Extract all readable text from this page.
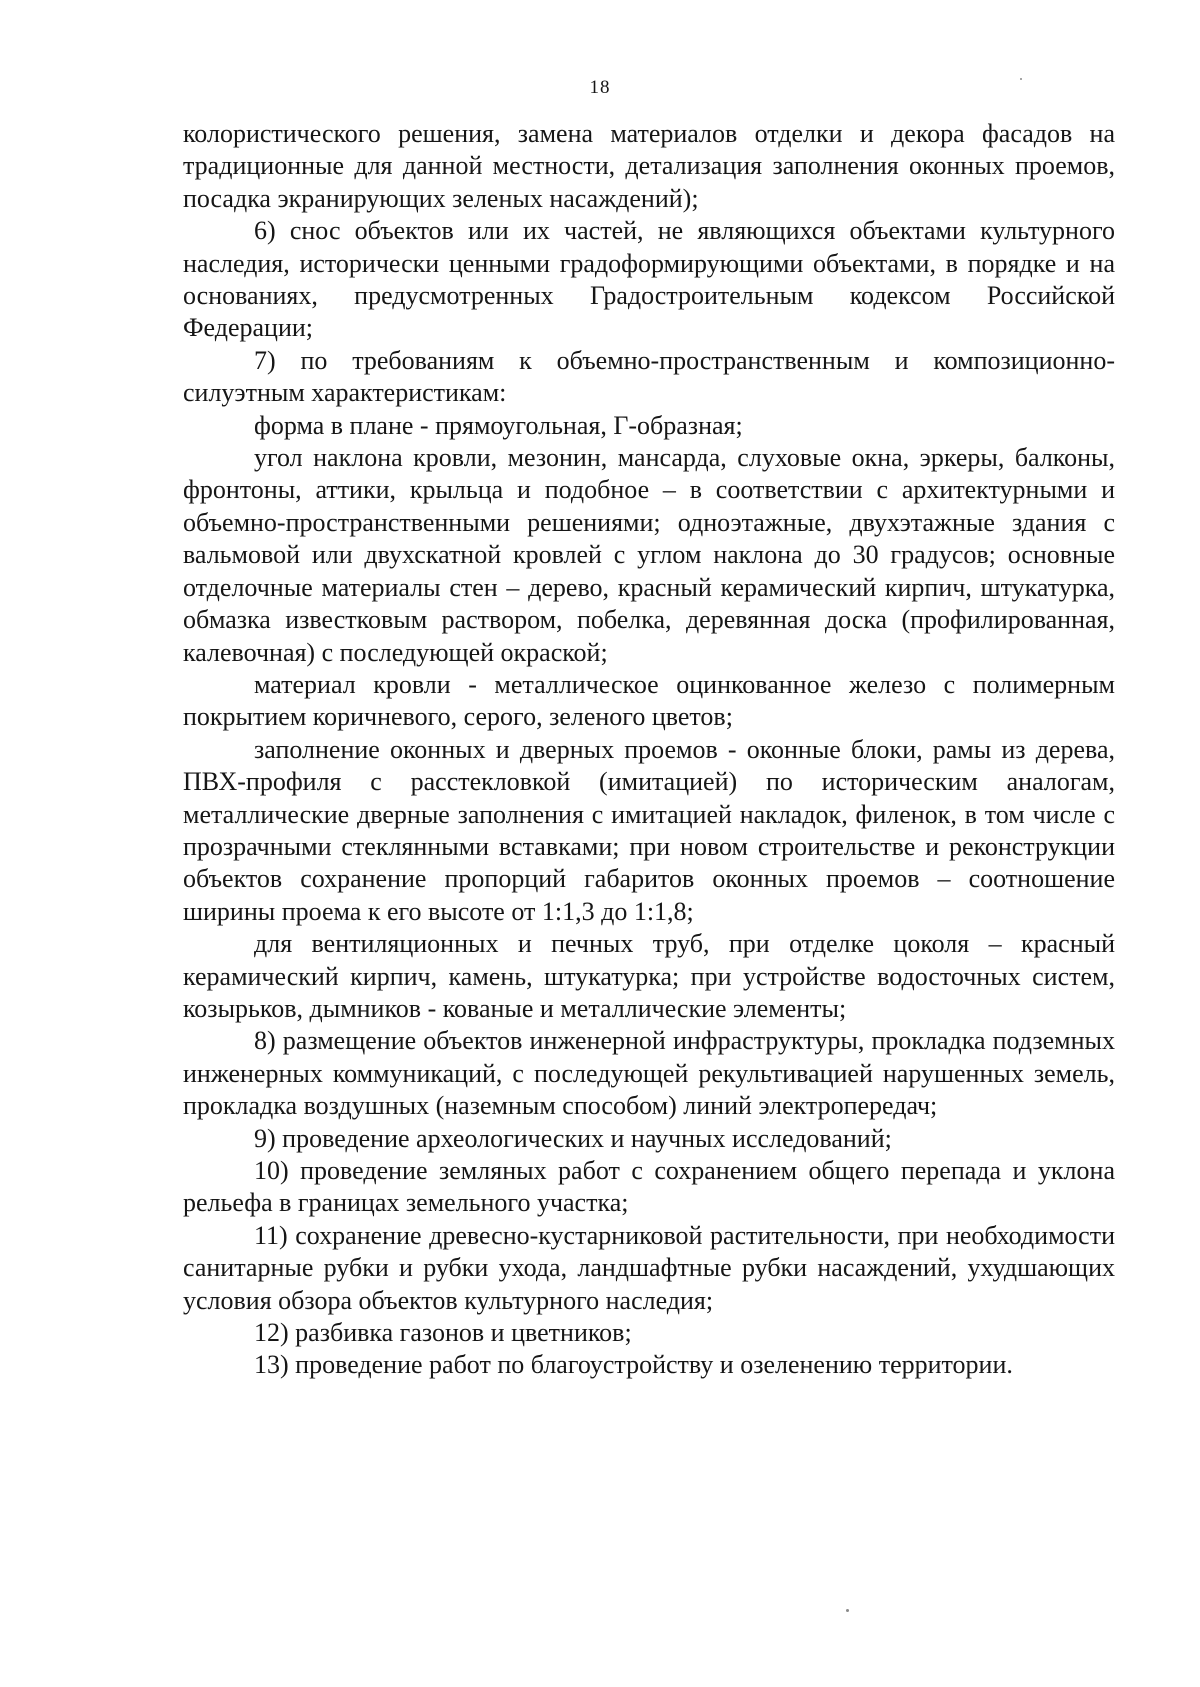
18

колористического решения, замена материалов отделки и декора фасадов на традиционные для данной местности, детализация заполнения оконных проемов, посадка экранирующих зеленых насаждений);

6) снос объектов или их частей, не являющихся объектами культурного наследия, исторически ценными градоформирующими объектами, в порядке и на основаниях, предусмотренных Градостроительным кодексом Российской Федерации;

7) по требованиям к объемно-пространственным и композиционно-силуэтным характеристикам:

форма в плане - прямоугольная, Г-образная;

угол наклона кровли, мезонин, мансарда, слуховые окна, эркеры, балконы, фронтоны, аттики, крыльца и подобное – в соответствии с архитектурными и объемно-пространственными решениями; одноэтажные, двухэтажные здания с вальмовой или двухскатной кровлей с углом наклона до 30 градусов; основные отделочные материалы стен – дерево, красный керамический кирпич, штукатурка, обмазка известковым раствором, побелка, деревянная доска (профилированная, калевочная) с последующей окраской;

материал кровли - металлическое оцинкованное железо с полимерным покрытием коричневого, серого, зеленого цветов;

заполнение оконных и дверных проемов - оконные блоки, рамы из дерева, ПВХ-профиля с расстекловкой (имитацией) по историческим аналогам, металлические дверные заполнения с имитацией накладок, филенок, в том числе с прозрачными стеклянными вставками; при новом строительстве и реконструкции объектов сохранение пропорций габаритов оконных проемов – соотношение ширины проема к его высоте от 1:1,3 до 1:1,8;

для вентиляционных и печных труб, при отделке цоколя – красный керамический кирпич, камень, штукатурка; при устройстве водосточных систем, козырьков, дымников - кованые и металлические элементы;

8) размещение объектов инженерной инфраструктуры, прокладка подземных инженерных коммуникаций, с последующей рекультивацией нарушенных земель, прокладка воздушных (наземным способом) линий электропередач;

9) проведение археологических и научных исследований;

10) проведение земляных работ с сохранением общего перепада и уклона рельефа в границах земельного участка;

11) сохранение древесно-кустарниковой растительности, при необходимости санитарные рубки и рубки ухода, ландшафтные рубки насаждений, ухудшающих условия обзора объектов культурного наследия;

12) разбивка газонов и цветников;

13) проведение работ по благоустройству и озеленению территории.
